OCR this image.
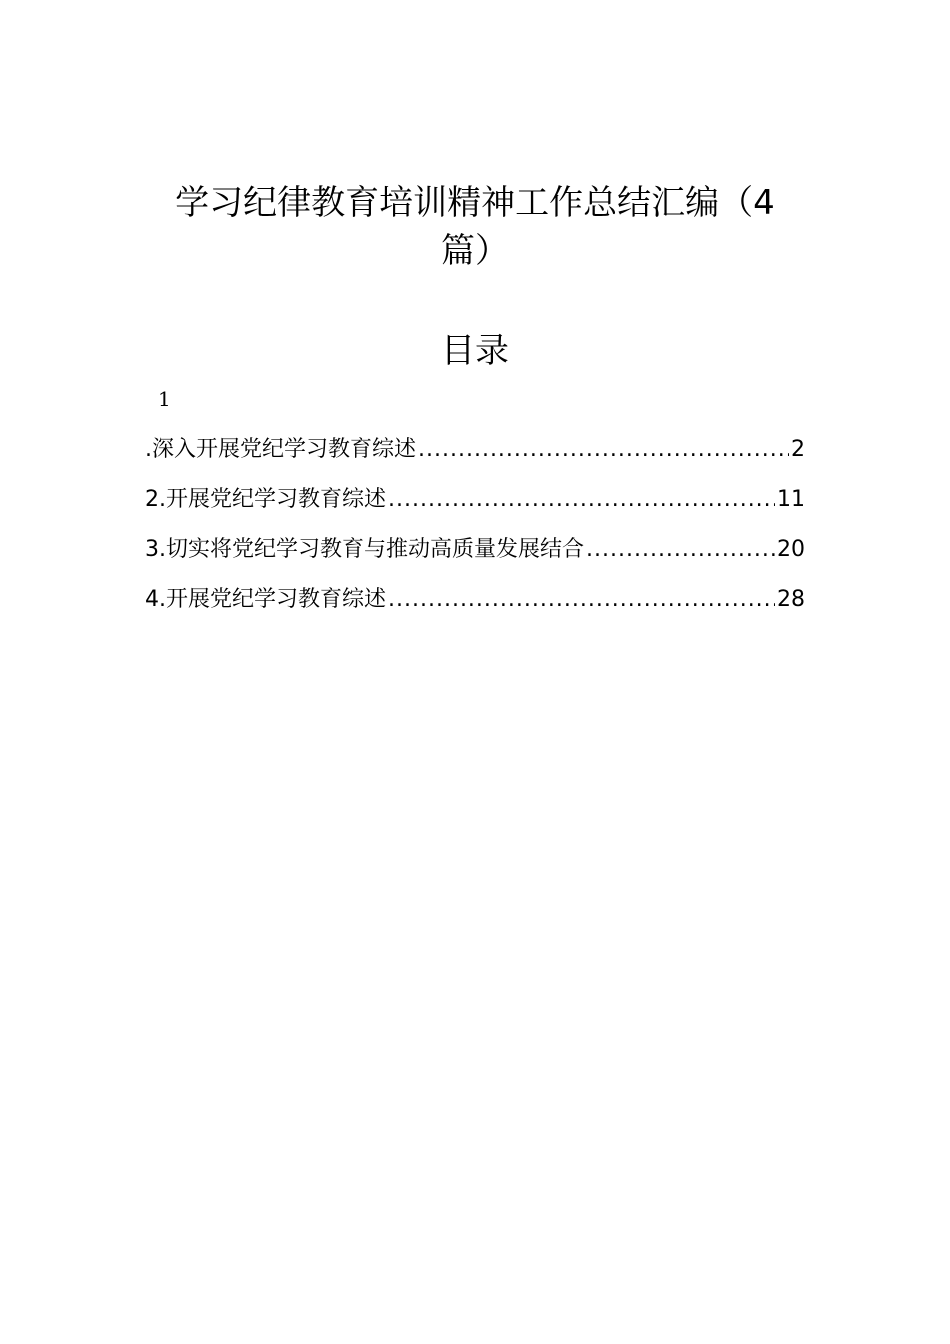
学习纪律教育培训精神工作总结汇编（4
篇）
目录
1
.深入开展党纪学习教育综述 .....	2
2.开展党纪学习教育综述 .....	11
3.切实将党纪学习教育与推动高质量发展结合 .....	20
4.开展党纪学习教育综述 .....	28
